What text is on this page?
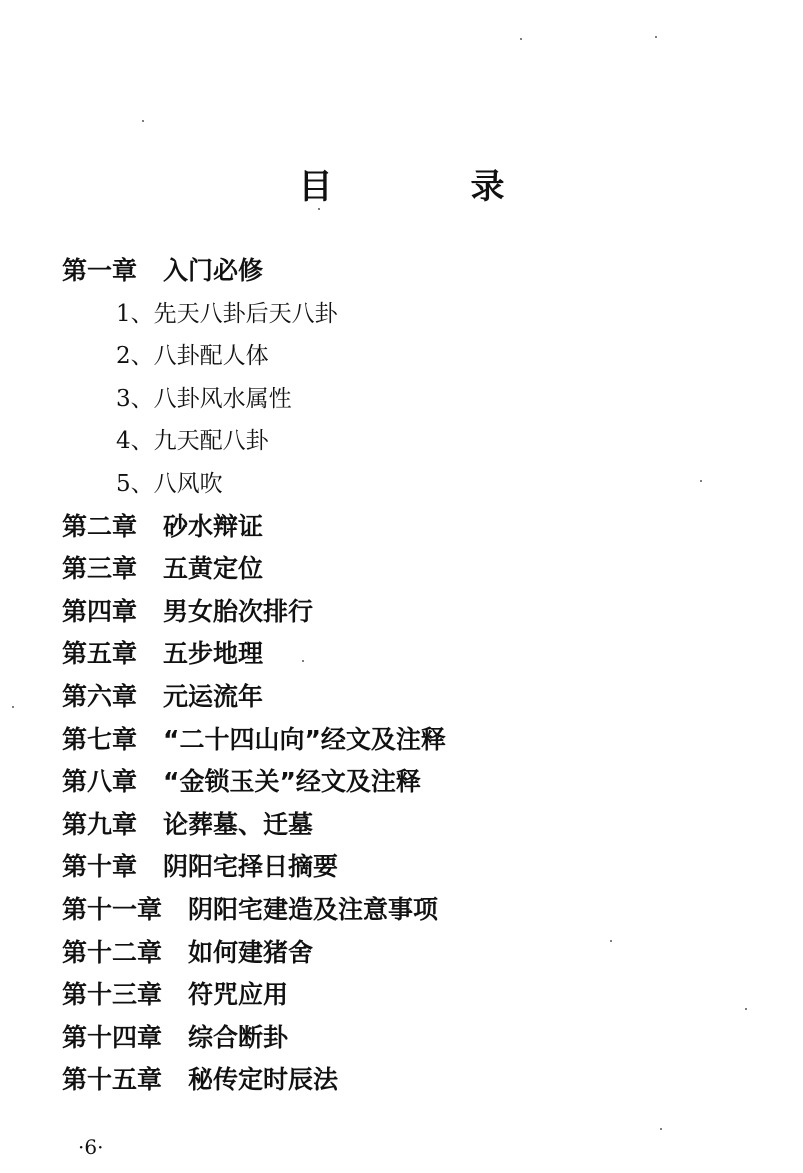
目　录
第一章 入门必修
1、先天八卦后天八卦
2、八卦配人体
3、八卦风水属性
4、九天配八卦
5、八风吹
第二章 砂水辩证
第三章 五黄定位
第四章 男女胎次排行
第五章 五步地理
第六章 元运流年
第七章 “二十四山向”经文及注释
第八章 “金锁玉关”经文及注释
第九章 论葬墓、迁墓
第十章 阴阳宅择日摘要
第十一章 阴阳宅建造及注意事项
第十二章 如何建猪舍
第十三章 符咒应用
第十四章 综合断卦
第十五章 秘传定时辰法
·6·
